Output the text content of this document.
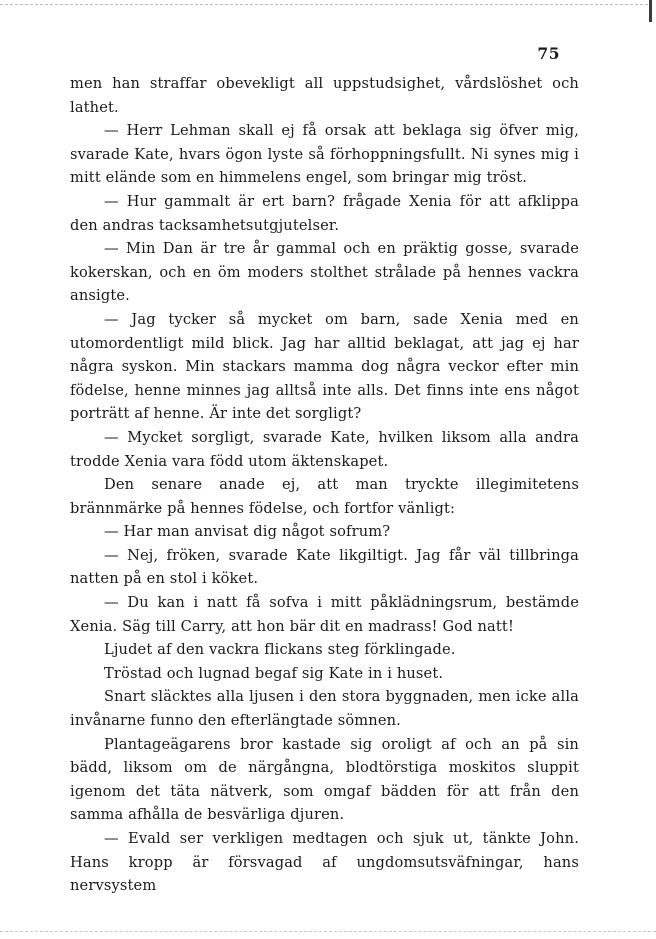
75

men han straffar obevekligt all uppstudsighet, vårdslöshet och lathet.

— Herr Lehman skall ej få orsak att beklaga sig öfver mig, svarade Kate, hvars ögon lyste så förhoppningsfullt. Ni synes mig i mitt elände som en himmelens engel, som bringar mig tröst.

— Hur gammalt är ert barn? frågade Xenia för att afklippa den andras tacksamhetsutgjutelser.

— Min Dan är tre år gammal och en präktig gosse, svarade kokerskan, och en öm moders stolthet strålade på hennes vackra ansigte.

— Jag tycker så mycket om barn, sade Xenia med en utomordentligt mild blick. Jag har alltid beklagat, att jag ej har några syskon. Min stackars mamma dog några veckor efter min födelse, henne minnes jag alltså inte alls. Det finns inte ens något porträtt af henne. Är inte det sorgligt?

— Mycket sorgligt, svarade Kate, hvilken liksom alla andra trodde Xenia vara född utom äktenskapet.

Den senare anade ej, att man tryckte illegimitetens brännmärke på hennes födelse, och fortfor vänligt:

— Har man anvisat dig något sofrum?

— Nej, fröken, svarade Kate likgiltigt. Jag får väl tillbringa natten på en stol i köket.

— Du kan i natt få sofva i mitt påklädningsrum, bestämde Xenia. Säg till Carry, att hon bär dit en madrass! God natt!

Ljudet af den vackra flickans steg förklingade.

Tröstad och lugnad begaf sig Kate in i huset.

Snart släcktes alla ljusen i den stora byggnaden, men icke alla invånarne funno den efterlängtade sömnen.

Plantageägarens bror kastade sig oroligt af och an på sin bädd, liksom om de närgångna, blodtörstiga moskitos sluppit igenom det täta nätverk, som omgaf bädden för att från den samma afhålla de besvärliga djuren.

— Evald ser verkligen medtagen och sjuk ut, tänkte John. Hans kropp är försvagad af ungdomsutsväfningar, hans nervsystem
